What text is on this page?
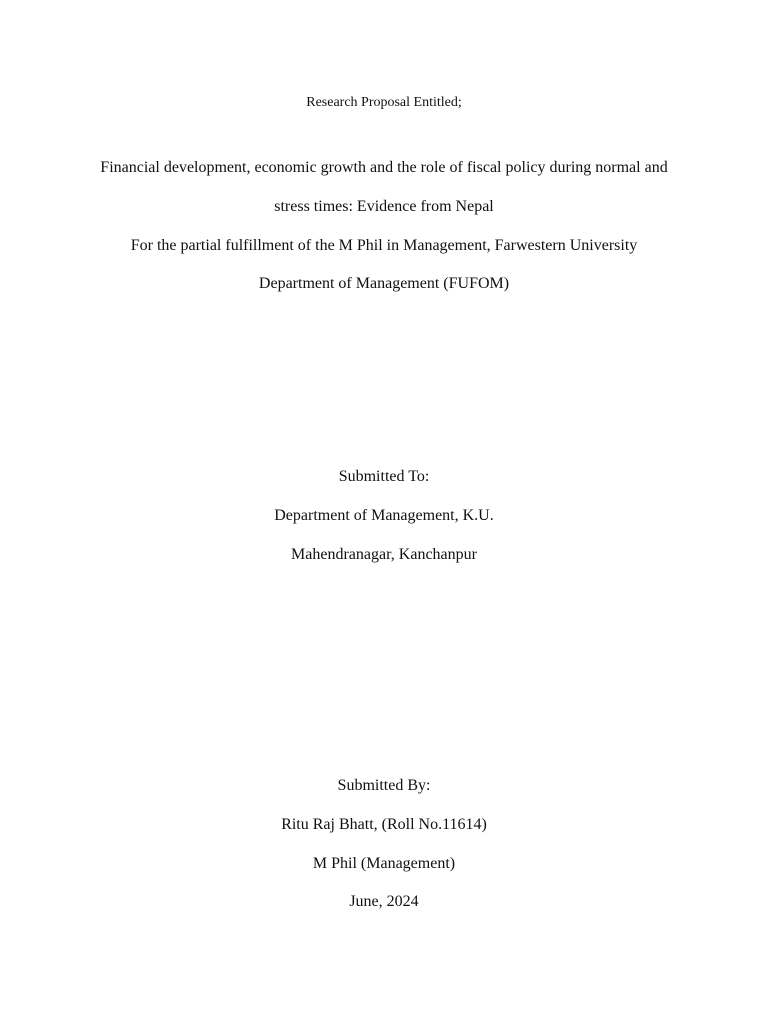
Research Proposal Entitled;
Financial development, economic growth and the role of fiscal policy during normal and
stress times: Evidence from Nepal
For the partial fulfillment of the M Phil in Management, Farwestern University
Department of Management (FUFOM)
Submitted To:
Department of Management, K.U.
Mahendranagar, Kanchanpur
Submitted By:
Ritu Raj Bhatt, (Roll No.11614)
M Phil (Management)
June, 2024
